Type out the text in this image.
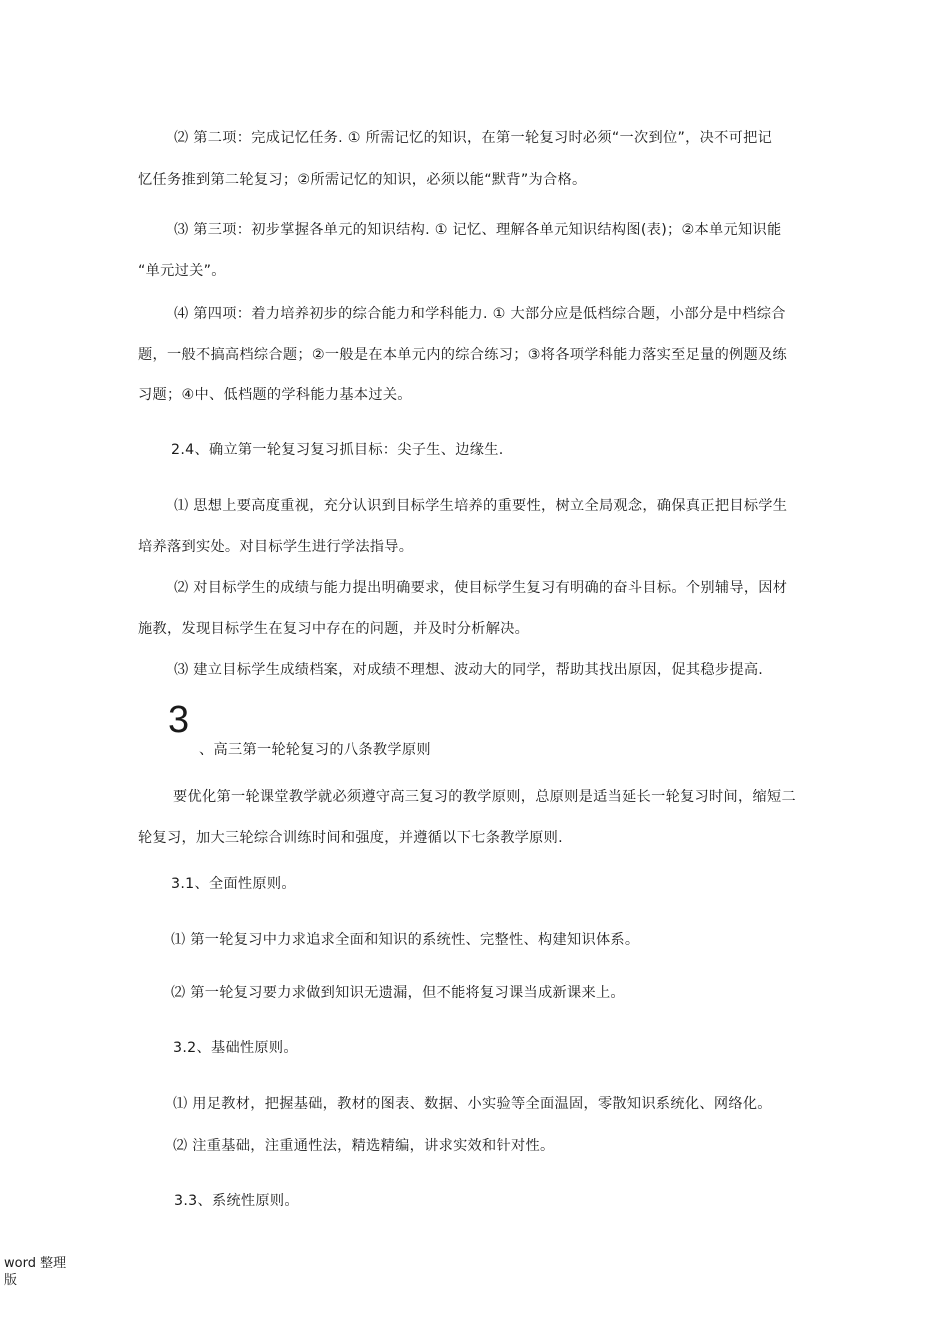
⑵ 第二项：完成记忆任务. ① 所需记忆的知识，在第一轮复习时必须“一次到位”，决不可把记
忆任务推到第二轮复习；②所需记忆的知识，必须以能“默背”为合格。
⑶ 第三项：初步掌握各单元的知识结构. ① 记忆、理解各单元知识结构图(表)；②本单元知识能
“单元过关”。
⑷ 第四项：着力培养初步的综合能力和学科能力. ① 大部分应是低档综合题，小部分是中档综合
题，一般不搞高档综合题；②一般是在本单元内的综合练习；③将各项学科能力落实至足量的例题及练
习题；④中、低档题的学科能力基本过关。
2.4、确立第一轮复习复习抓目标：尖子生、边缘生.
⑴ 思想上要高度重视，充分认识到目标学生培养的重要性，树立全局观念，确保真正把目标学生
培养落到实处。对目标学生进行学法指导。
⑵ 对目标学生的成绩与能力提出明确要求，使目标学生复习有明确的奋斗目标。个别辅导，因材
施教，发现目标学生在复习中存在的问题，并及时分析解决。
⑶ 建立目标学生成绩档案，对成绩不理想、波动大的同学，帮助其找出原因，促其稳步提高.
3
、高三第一轮轮复习的八条教学原则
要优化第一轮课堂教学就必须遵守高三复习的教学原则，总原则是适当延长一轮复习时间，缩短二
轮复习，加大三轮综合训练时间和强度，并遵循以下七条教学原则.
3.1、全面性原则。
⑴ 第一轮复习中力求追求全面和知识的系统性、完整性、构建知识体系。
⑵ 第一轮复习要力求做到知识无遗漏，但不能将复习课当成新课来上。
3.2、基础性原则。
⑴ 用足教材，把握基础，教材的图表、数据、小实验等全面温固，零散知识系统化、网络化。
⑵ 注重基础，注重通性法，精选精编，讲求实效和针对性。
3.3、系统性原则。
word 整理
版
